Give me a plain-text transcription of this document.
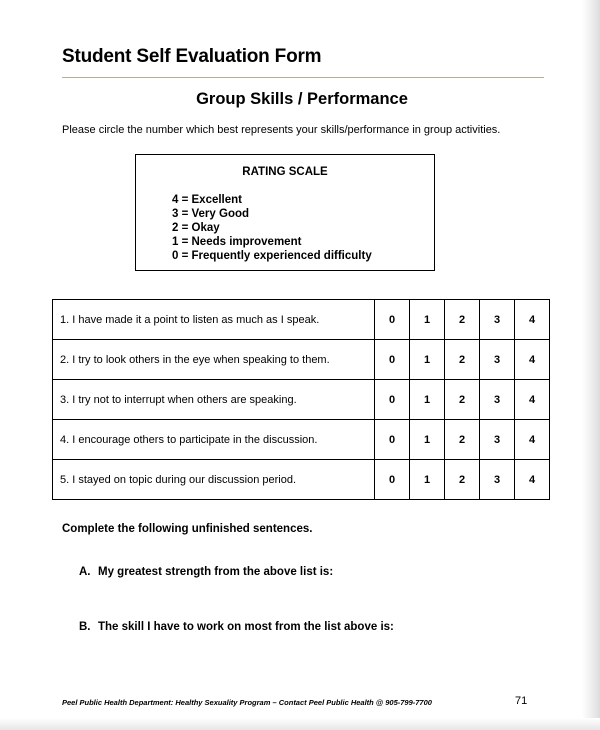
Student Self Evaluation Form
Group Skills / Performance
Please circle the number which best represents your skills/performance in group activities.
RATING SCALE
4 = Excellent
3 = Very Good
2 = Okay
1 = Needs improvement
0 = Frequently experienced difficulty
1. I have made it a point to listen as much as I speak.	0	1	2	3	4
2. I try to look others in the eye when speaking to them.	0	1	2	3	4
3. I try not to interrupt when others are speaking.	0	1	2	3	4
4. I encourage others to participate in the discussion.	0	1	2	3	4
5. I stayed on topic during our discussion period.	0	1	2	3	4
Complete the following unfinished sentences.
A. My greatest strength from the above list is:
B. The skill I have to work on most from the list above is:
Peel Public Health Department: Healthy Sexuality Program – Contact Peel Public Health @ 905-799-7700	71
